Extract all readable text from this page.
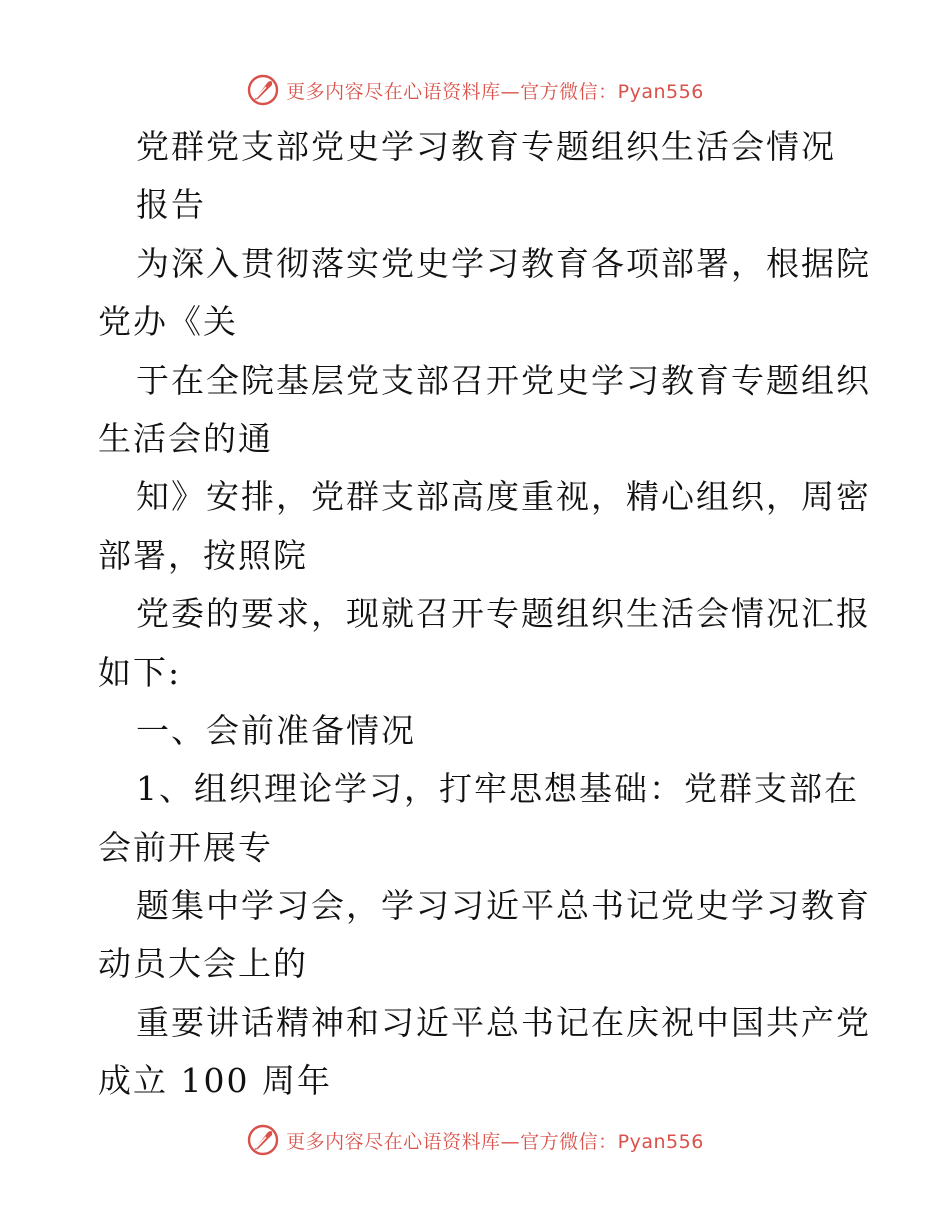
更多内容尽在心语资料库—官方微信：Pyan556
党群党支部党史学习教育专题组织生活会情况
报告
为深入贯彻落实党史学习教育各项部署，根据院
党办《关
于在全院基层党支部召开党史学习教育专题组织
生活会的通
知》安排，党群支部高度重视，精心组织，周密
部署，按照院
党委的要求，现就召开专题组织生活会情况汇报
如下:
一、会前准备情况
1、组织理论学习，打牢思想基础：党群支部在
会前开展专
题集中学习会，学习习近平总书记党史学习教育
动员大会上的
重要讲话精神和习近平总书记在庆祝中国共产党
成立 100 周年
更多内容尽在心语资料库—官方微信：Pyan556
